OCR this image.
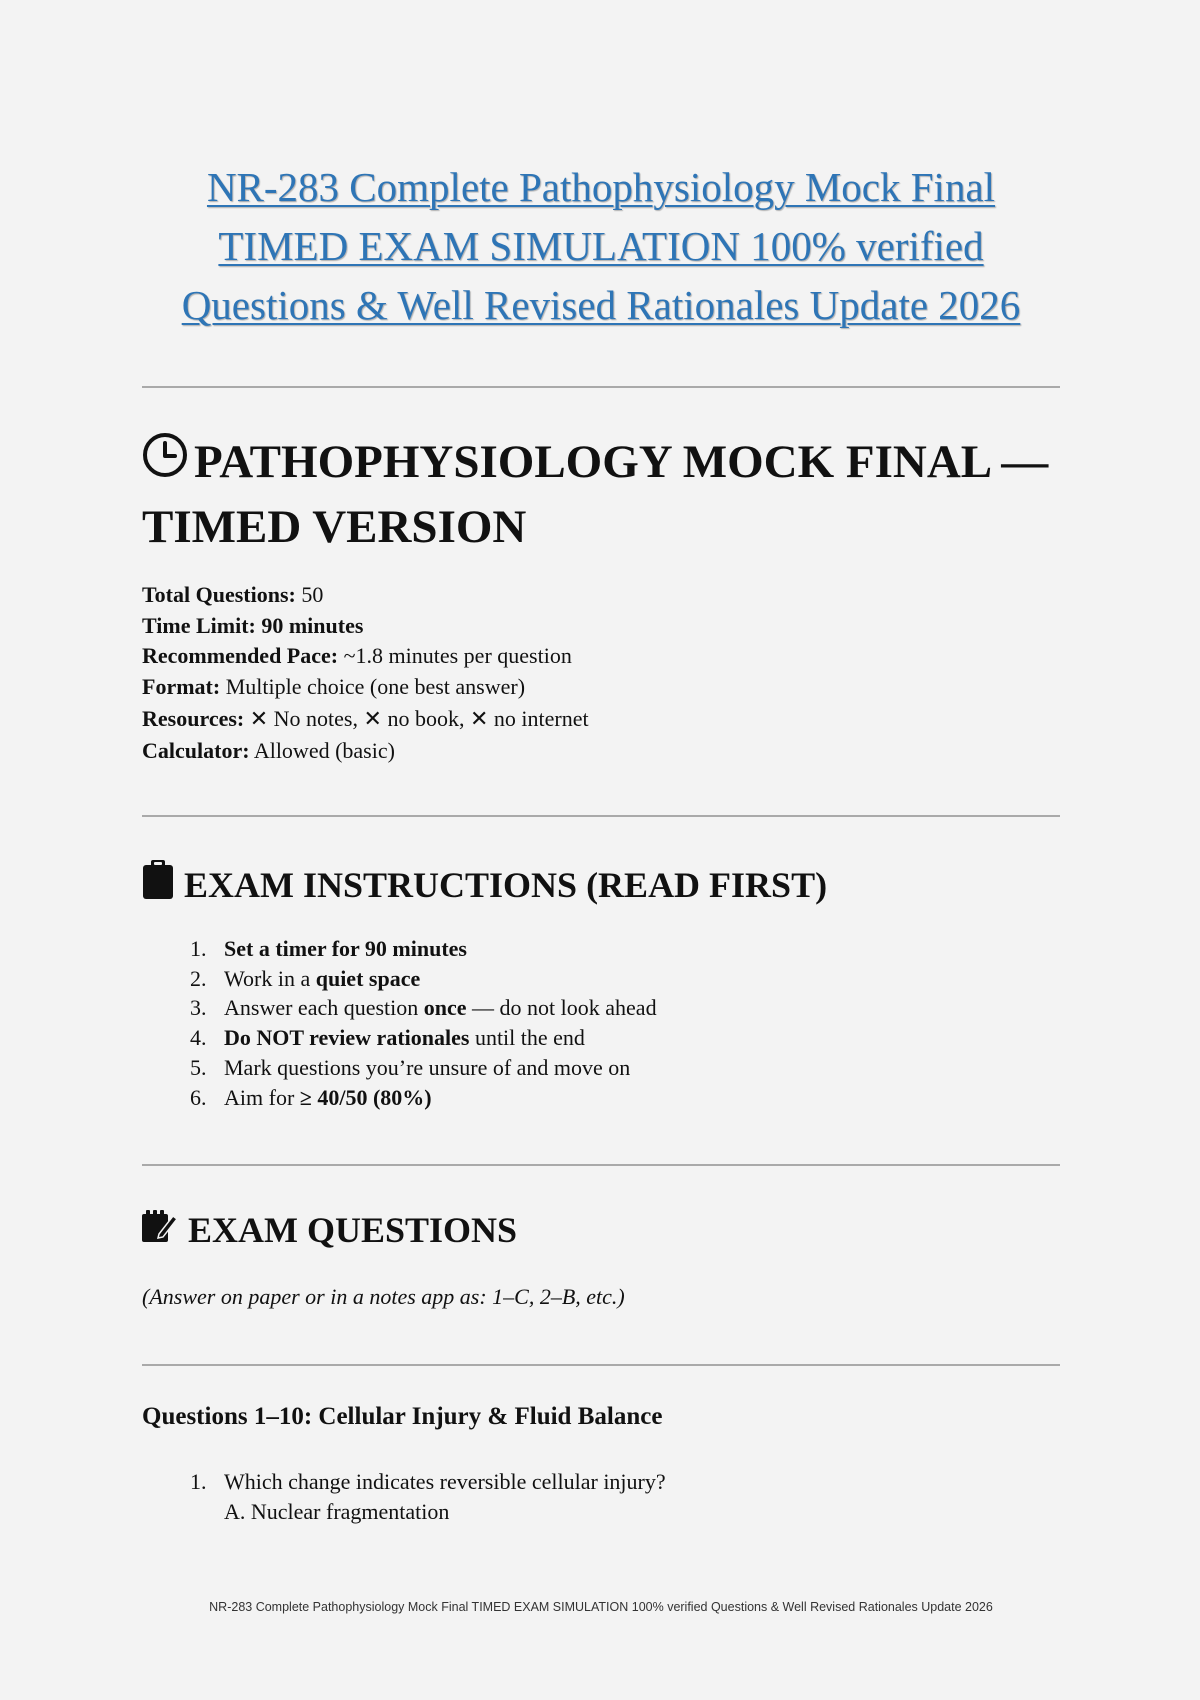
NR-283 Complete Pathophysiology Mock Final
TIMED EXAM SIMULATION 100% verified
Questions & Well Revised Rationales Update 2026
PATHOPHYSIOLOGY MOCK FINAL — TIMED VERSION
Total Questions: 50
Time Limit: 90 minutes
Recommended Pace: ~1.8 minutes per question
Format: Multiple choice (one best answer)
Resources: ✕ No notes, ✕ no book, ✕ no internet
Calculator: Allowed (basic)
EXAM INSTRUCTIONS (READ FIRST)
1. Set a timer for 90 minutes
2. Work in a quiet space
3. Answer each question once — do not look ahead
4. Do NOT review rationales until the end
5. Mark questions you’re unsure of and move on
6. Aim for ≥ 40/50 (80%)
EXAM QUESTIONS

(Answer on paper or in a notes app as: 1–C, 2–B, etc.)

Questions 1–10: Cellular Injury & Fluid Balance
1. Which change indicates reversible cellular injury?
A. Nuclear fragmentation
NR-283 Complete Pathophysiology Mock Final TIMED EXAM SIMULATION 100% verified Questions & Well Revised Rationales Update 2026
